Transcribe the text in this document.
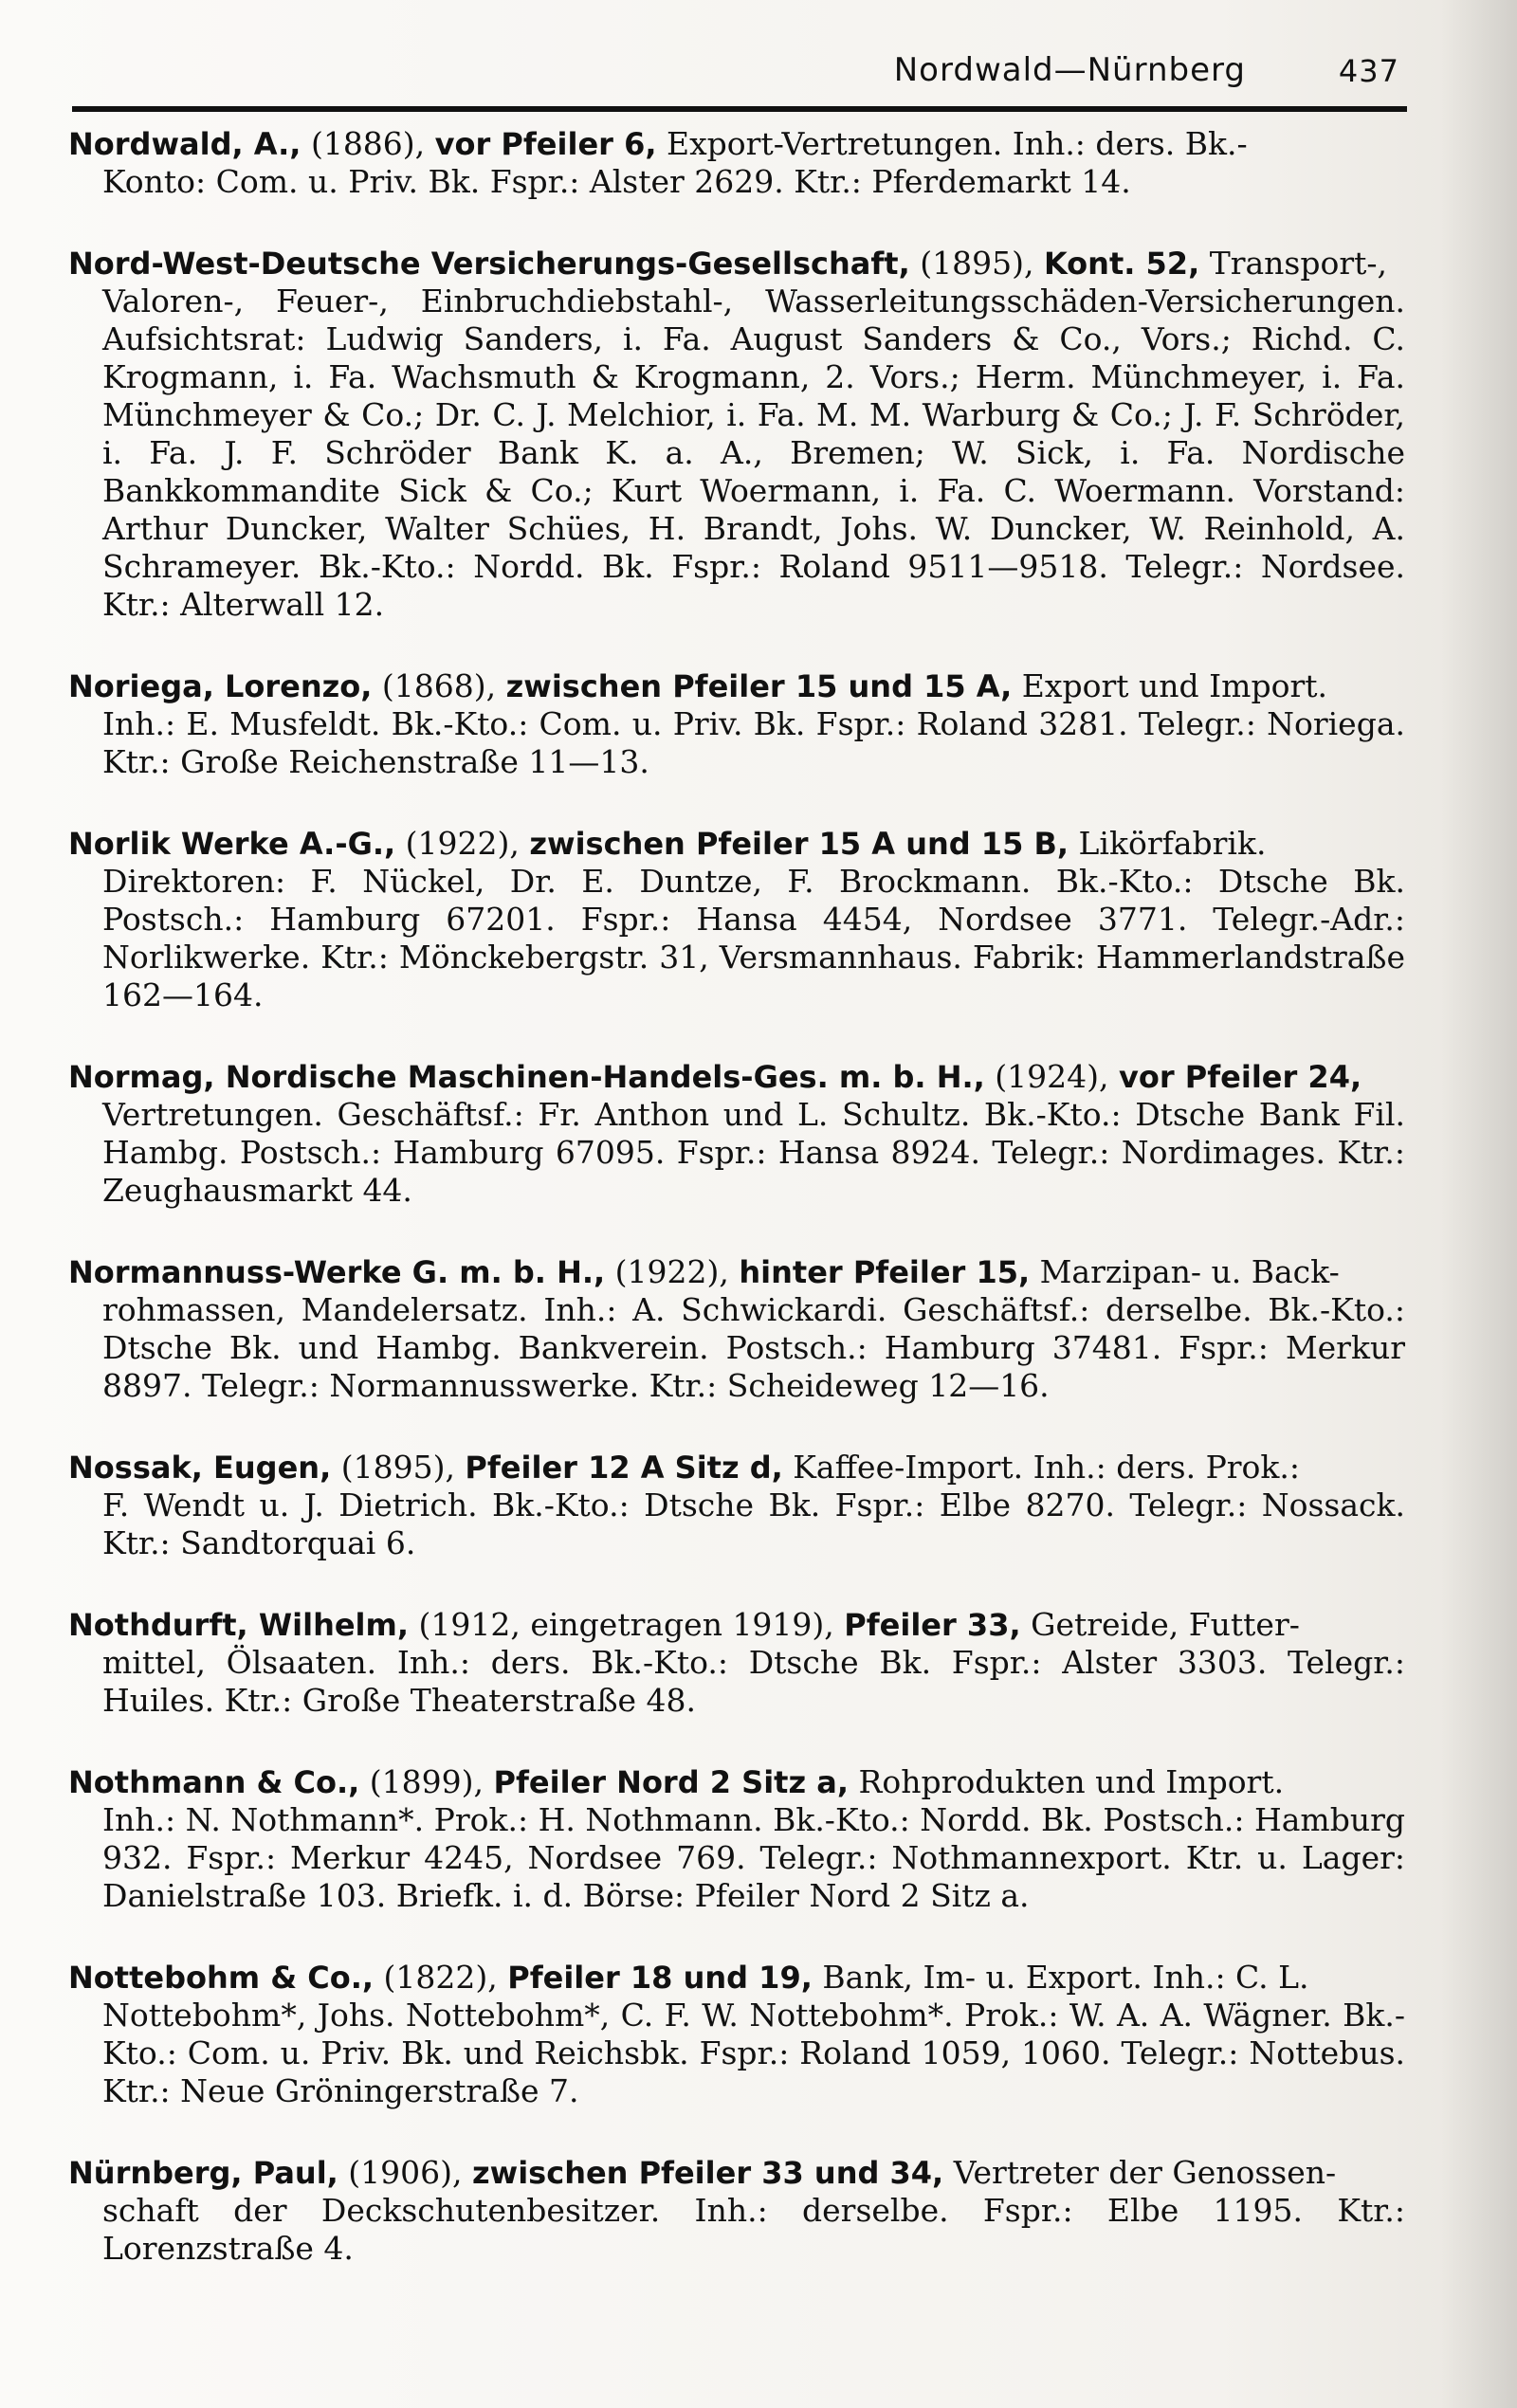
Nordwald—Nürnberg	437
Nordwald, A., (1886), vor Pfeiler 6, Export-Vertretungen. Inh.: ders. Bk.-
Konto: Com. u. Priv. Bk. Fspr.: Alster 2629. Ktr.: Pferdemarkt 14.
Nord-West-Deutsche Versicherungs-Gesellschaft, (1895), Kont. 52, Transport-,
Valoren-, Feuer-, Einbruchdiebstahl-, Wasserleitungsschäden-Versicherungen. Aufsichtsrat: Ludwig Sanders, i. Fa. August Sanders & Co., Vors.; Richd. C. Krogmann, i. Fa. Wachsmuth & Krogmann, 2. Vors.; Herm. Münchmeyer, i. Fa. Münchmeyer & Co.; Dr. C. J. Melchior, i. Fa. M. M. Warburg & Co.; J. F. Schröder, i. Fa. J. F. Schröder Bank K. a. A., Bremen; W. Sick, i. Fa. Nordische Bankkommandite Sick & Co.; Kurt Woermann, i. Fa. C. Woermann. Vorstand: Arthur Duncker, Walter Schües, H. Brandt, Johs. W. Duncker, W. Reinhold, A. Schrameyer. Bk.-Kto.: Nordd. Bk. Fspr.: Roland 9511—9518. Telegr.: Nordsee. Ktr.: Alterwall 12.
Noriega, Lorenzo, (1868), zwischen Pfeiler 15 und 15 A, Export und Import.
Inh.: E. Musfeldt. Bk.-Kto.: Com. u. Priv. Bk. Fspr.: Roland 3281. Telegr.: Noriega. Ktr.: Große Reichenstraße 11—13.
Norlik Werke A.-G., (1922), zwischen Pfeiler 15 A und 15 B, Likörfabrik.
Direktoren: F. Nückel, Dr. E. Duntze, F. Brockmann. Bk.-Kto.: Dtsche Bk. Postsch.: Hamburg 67201. Fspr.: Hansa 4454, Nordsee 3771. Telegr.-Adr.: Norlikwerke. Ktr.: Mönckebergstr. 31, Versmannhaus. Fabrik: Hammerlandstraße 162—164.
Normag, Nordische Maschinen-Handels-Ges. m. b. H., (1924), vor Pfeiler 24,
Vertretungen. Geschäftsf.: Fr. Anthon und L. Schultz. Bk.-Kto.: Dtsche Bank Fil. Hambg. Postsch.: Hamburg 67095. Fspr.: Hansa 8924. Telegr.: Nordimages. Ktr.: Zeughausmarkt 44.
Normannuss-Werke G. m. b. H., (1922), hinter Pfeiler 15, Marzipan- u. Back-
rohmassen, Mandelersatz. Inh.: A. Schwickardi. Geschäftsf.: derselbe. Bk.-Kto.: Dtsche Bk. und Hambg. Bankverein. Postsch.: Hamburg 37481. Fspr.: Merkur 8897. Telegr.: Normannusswerke. Ktr.: Scheideweg 12—16.
Nossak, Eugen, (1895), Pfeiler 12 A Sitz d, Kaffee-Import. Inh.: ders. Prok.:
F. Wendt u. J. Dietrich. Bk.-Kto.: Dtsche Bk. Fspr.: Elbe 8270. Telegr.: Nossack. Ktr.: Sandtorquai 6.
Nothdurft, Wilhelm, (1912, eingetragen 1919), Pfeiler 33, Getreide, Futter-
mittel, Ölsaaten. Inh.: ders. Bk.-Kto.: Dtsche Bk. Fspr.: Alster 3303. Telegr.: Huiles. Ktr.: Große Theaterstraße 48.
Nothmann & Co., (1899), Pfeiler Nord 2 Sitz a, Rohprodukten und Import.
Inh.: N. Nothmann*. Prok.: H. Nothmann. Bk.-Kto.: Nordd. Bk. Postsch.: Hamburg 932. Fspr.: Merkur 4245, Nordsee 769. Telegr.: Nothmannexport. Ktr. u. Lager: Danielstraße 103. Briefk. i. d. Börse: Pfeiler Nord 2 Sitz a.
Nottebohm & Co., (1822), Pfeiler 18 und 19, Bank, Im- u. Export. Inh.: C. L.
Nottebohm*, Johs. Nottebohm*, C. F. W. Nottebohm*. Prok.: W. A. A. Wägner. Bk.-Kto.: Com. u. Priv. Bk. und Reichsbk. Fspr.: Roland 1059, 1060. Telegr.: Nottebus. Ktr.: Neue Gröningerstraße 7.
Nürnberg, Paul, (1906), zwischen Pfeiler 33 und 34, Vertreter der Genossen-
schaft der Deckschutenbesitzer. Inh.: derselbe. Fspr.: Elbe 1195. Ktr.: Lorenzstraße 4.
